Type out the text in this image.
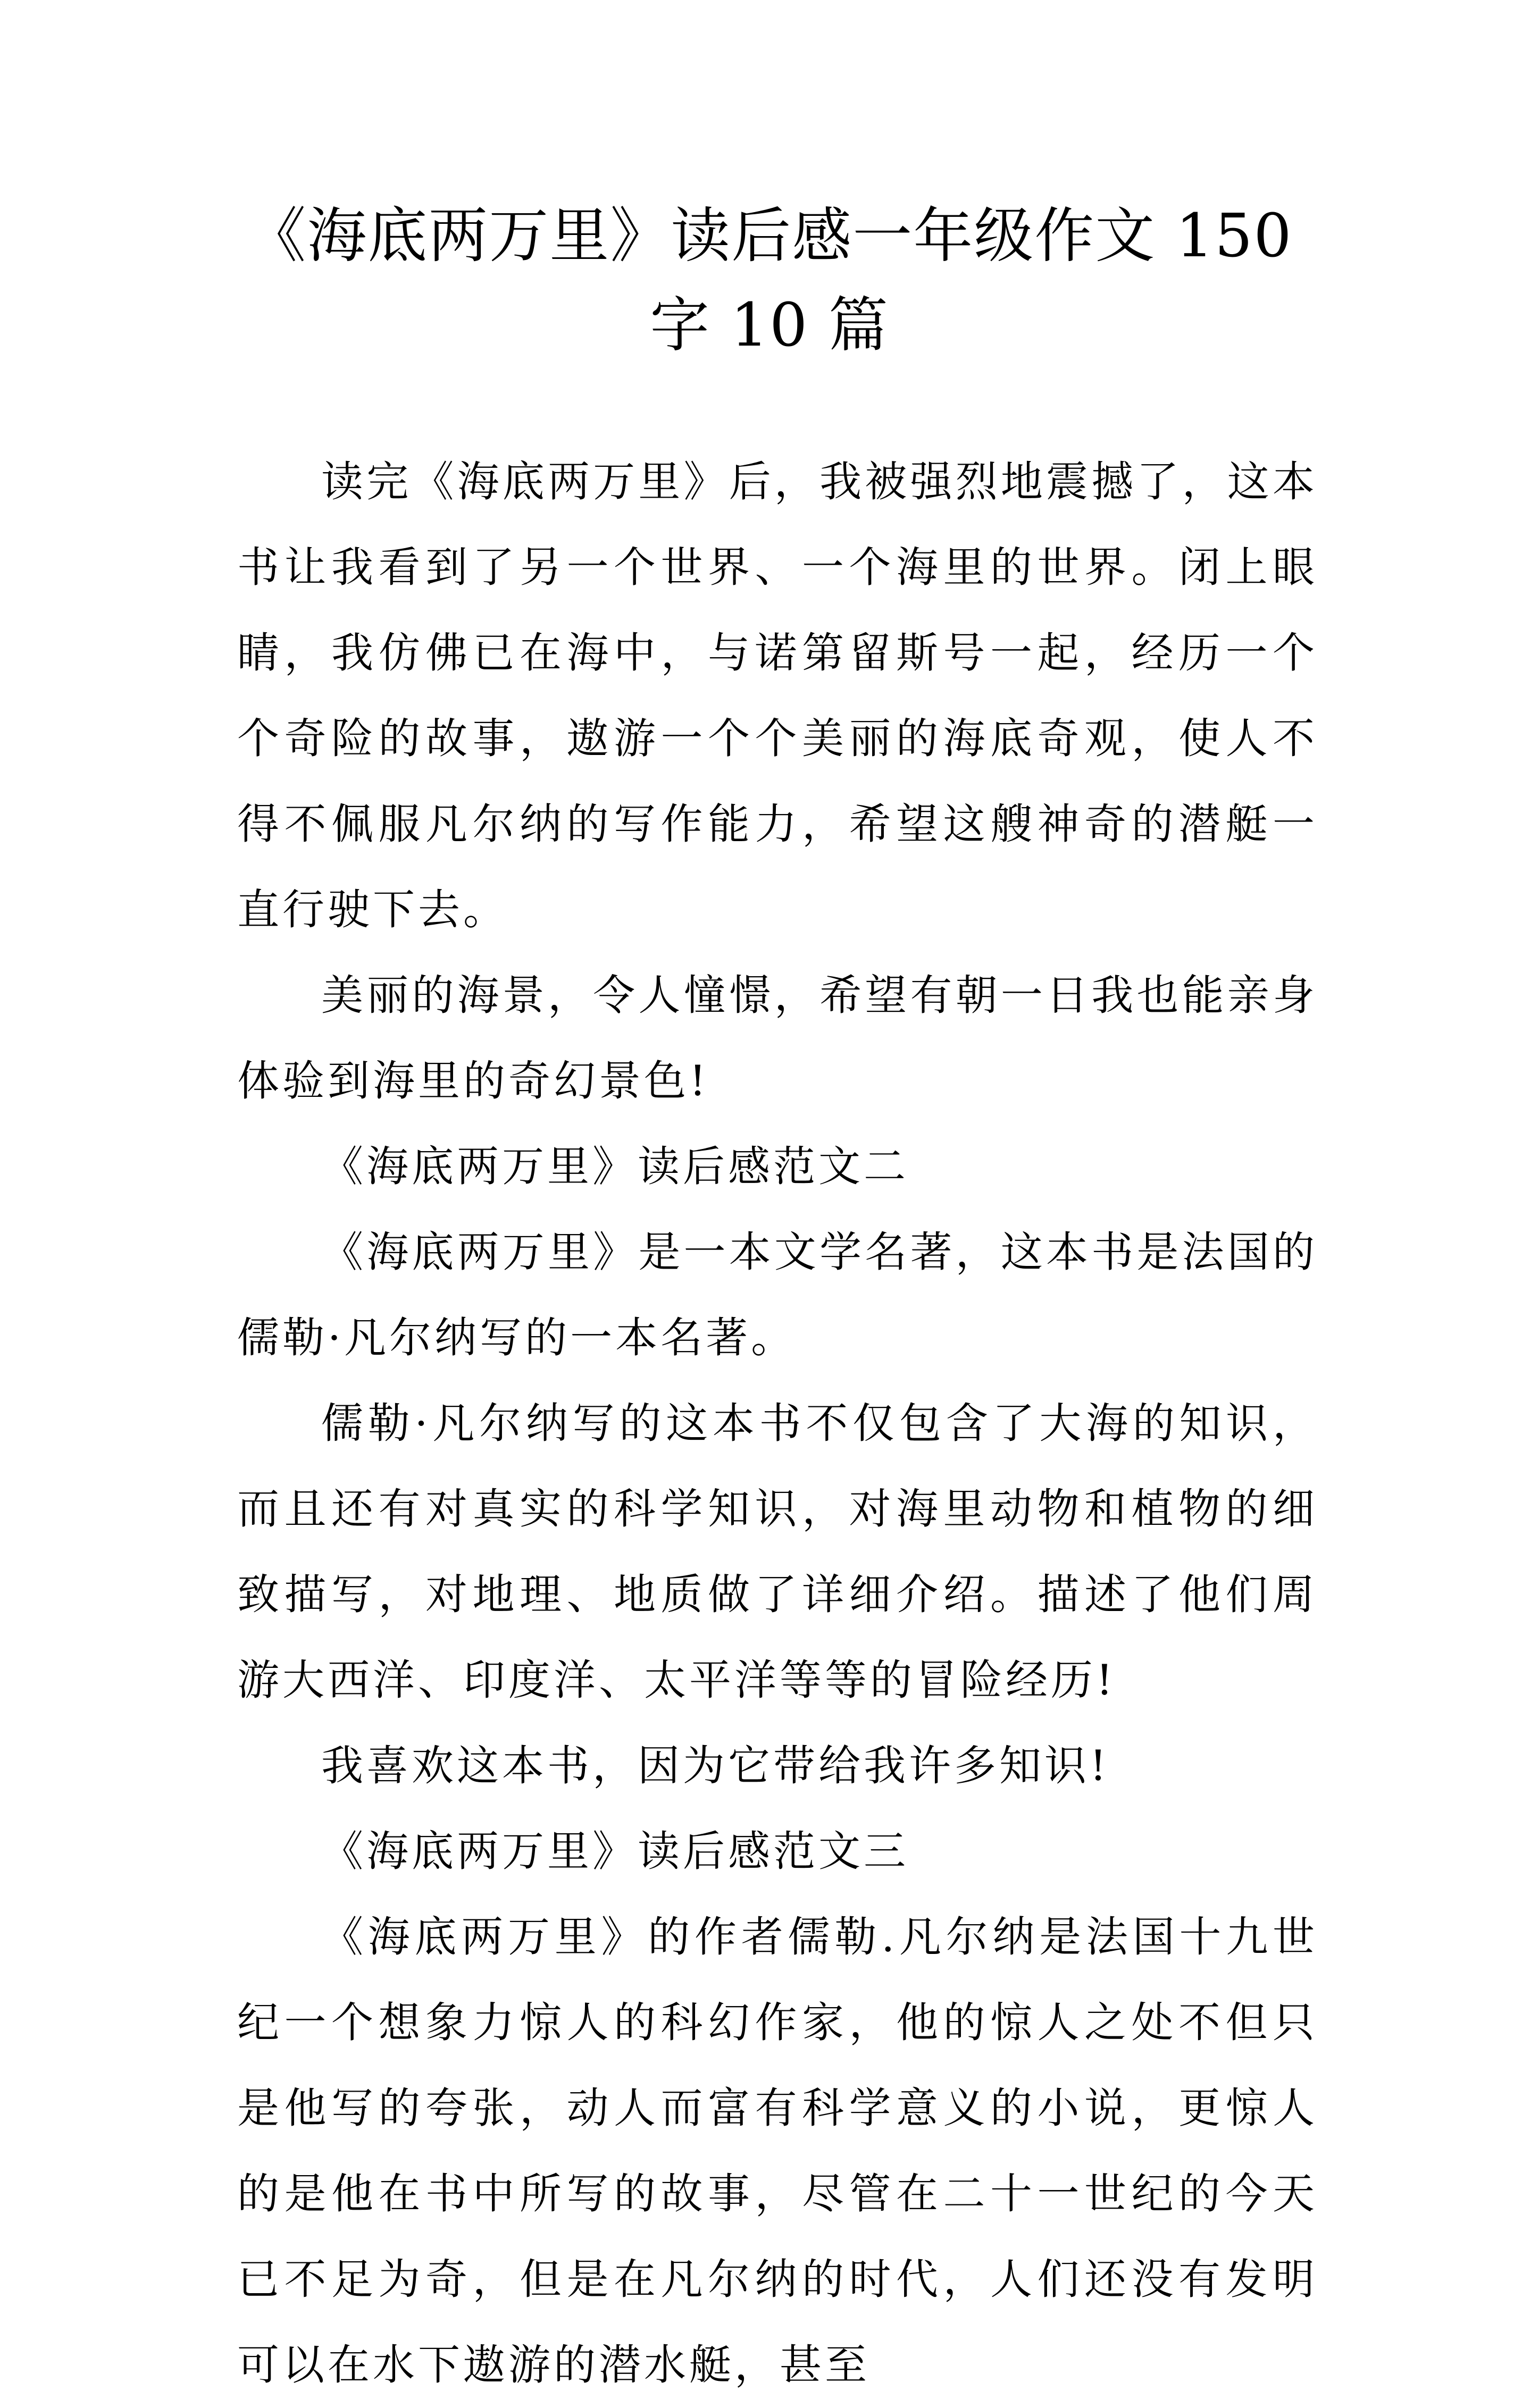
《海底两万里》读后感一年级作文 150 字 10 篇

读完《海底两万里》后，我被强烈地震撼了，这本书让我看到了另一个世界、一个海里的世界。闭上眼睛，我仿佛已在海中，与诺第留斯号一起，经历一个个奇险的故事，遨游一个个美丽的海底奇观，使人不得不佩服凡尔纳的写作能力，希望这艘神奇的潜艇一直行驶下去。

美丽的海景，令人憧憬，希望有朝一日我也能亲身体验到海里的奇幻景色!

《海底两万里》读后感范文二

《海底两万里》是一本文学名著，这本书是法国的儒勒·凡尔纳写的一本名著。

儒勒·凡尔纳写的这本书不仅包含了大海的知识，而且还有对真实的科学知识，对海里动物和植物的细致描写，对地理、地质做了详细介绍。描述了他们周游大西洋、印度洋、太平洋等等的冒险经历!

我喜欢这本书，因为它带给我许多知识!

《海底两万里》读后感范文三

《海底两万里》的作者儒勒.凡尔纳是法国十九世纪一个想象力惊人的科幻作家，他的惊人之处不但只是他写的夸张，动人而富有科学意义的小说，更惊人的是他在书中所写的故事，尽管在二十一世纪的今天已不足为奇，但是在凡尔纳的时代，人们还没有发明可以在水下遨游的潜水艇，甚至
